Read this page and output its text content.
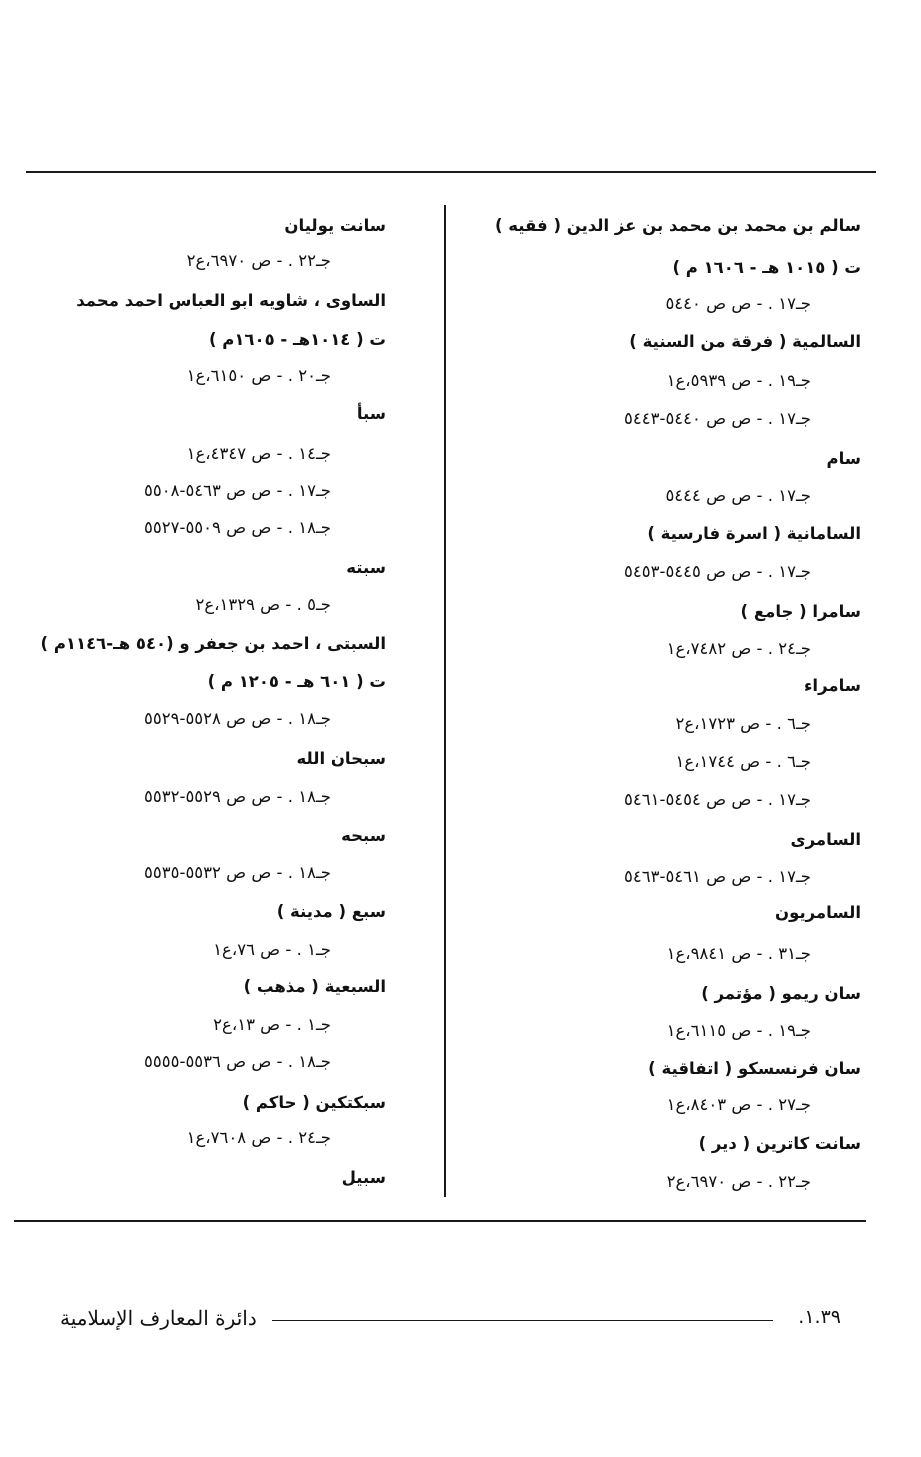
سالم بن محمد بن محمد بن عز الدين ( فقيه )
ت ( ١٠١٥ هـ - ١٦٠٦ م )
جـ١٧ . - ص ص ٥٤٤٠
السالمية ( فرقة من السنية )
جـ١٩ . - ص ٥٩٣٩،ع١
جـ١٧ . - ص ص ٥٤٤٠-٥٤٤٣
سام
جـ١٧ . - ص ص ٥٤٤٤
السامانية ( اسرة فارسية )
جـ١٧ . - ص ص ٥٤٤٥-٥٤٥٣
سامرا ( جامع )
جـ٢٤ . - ص ٧٤٨٢،ع١
سامراء
جـ٦ . - ص ١٧٢٣،ع٢
جـ٦ . - ص ١٧٤٤،ع١
جـ١٧ . - ص ص ٥٤٥٤-٥٤٦١
السامرى
جـ١٧ . - ص ص ٥٤٦١-٥٤٦٣
السامريون
جـ٣١ . - ص ٩٨٤١،ع١
سان ريمو ( مؤتمر )
جـ١٩ . - ص ٦١١٥،ع١
سان فرنسسكو ( اتفاقية )
جـ٢٧ . - ص ٨٤٠٣،ع١
سانت كاترين ( دير )
جـ٢٢ . - ص ٦٩٧٠،ع٢
سانت يوليان
جـ٢٢ . - ص ٦٩٧٠،ع٢
الساوى ، شاويه ابو العباس احمد محمد
ت ( ١٠١٤هـ - ١٦٠٥م )
جـ٢٠ . - ص ٦١٥٠،ع١
سبأ
جـ١٤ . - ص ٤٣٤٧،ع١
جـ١٧ . - ص ص ٥٤٦٣-٥٥٠٨
جـ١٨ . - ص ص ٥٥٠٩-٥٥٢٧
سبته
جـ٥ . - ص ١٣٢٩،ع٢
السبتى ، احمد بن جعفر و (٥٤٠ هـ-١١٤٦م )
ت ( ٦٠١ هـ - ١٢٠٥ م )
جـ١٨ . - ص ص ٥٥٢٨-٥٥٢٩
سبحان الله
جـ١٨ . - ص ص ٥٥٢٩-٥٥٣٢
سبحه
جـ١٨ . - ص ص ٥٥٣٢-٥٥٣٥
سبع ( مدينة )
جـ١ . - ص ٧٦،ع١
السبعية ( مذهب )
جـ١ . - ص ١٣،ع٢
جـ١٨ . - ص ص ٥٥٣٦-٥٥٥٥
سبكتكين ( حاكم )
جـ٢٤ . - ص ٧٦٠٨،ع١
سبيل
١.٣٩.
دائرة المعارف الإسلامية
